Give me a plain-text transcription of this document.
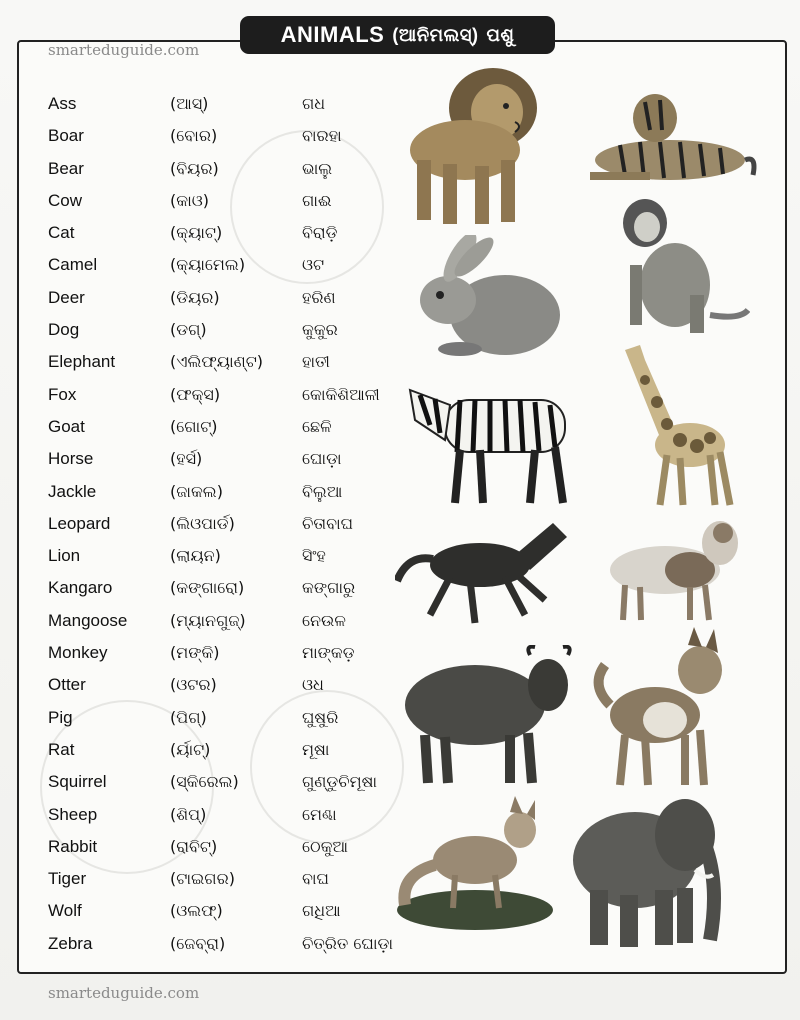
ANIMALS (ଆନିମଲସ୍) ପଶୁ
smarteduguide.com
smarteduguide.com
Ass	(ଆସ୍)	ଗଧ
Boar	(ବୋର)	ବାରହା
Bear	(ବିୟର)	ଭାଲୁ
Cow	(କାଓ)	ଗାଈ
Cat	(କ୍ୟାଟ୍)	ବିରାଡ଼ି
Camel	(କ୍ୟାମେଲ)	ଓଟ
Deer	(ଡିୟର)	ହରିଣ
Dog	(ଡଗ୍)	କୁକୁର
Elephant	(ଏଲିଫ୍ୟାଣ୍ଟ) ହାତୀ
Fox	(ଫକ୍ସ)	କୋକିଶିଆଳୀ
Goat	(ଗୋଟ୍)	ଛେଳି
Horse	(ହର୍ସ)	ଘୋଡ଼ା
Jackle	(ଜାକଲ)	ବିଲୁଆ
Leopard	(ଲିଓପାର୍ଡ)	ଚିତାବାଘ
Lion	(ଲାୟନ)	ସିଂହ
Kangaro	(କଙ୍ଗାରୋ)	କଙ୍ଗାରୁ
Mangoose	(ମ୍ୟାନଗୁଜ୍)	ନେଉଳ
Monkey	(ମଙ୍କି)	ମାଙ୍କଡ଼
Otter	(ଓଟର)	ଓଧ
Pig	(ପିଗ୍)	ଘୁଷୁରି
Rat	(ର୍ୟାଟ୍)	ମୂଷା
Squirrel	(ସ୍କିରେଲ)	ଗୁଣ୍ଡୁଚିମୂଷା
Sheep	(ଶିପ୍)	ମେଣ୍ଢା
Rabbit	(ରାବିଟ୍)	ଠେକୁଆ
Tiger	(ଟାଇଗର)	ବାଘ
Wolf	(ଓଲଫ୍)	ଗଧିଆ
Zebra	(ଜେବ୍ରା)	ଚିତ୍ରିତ ଘୋଡ଼ା
